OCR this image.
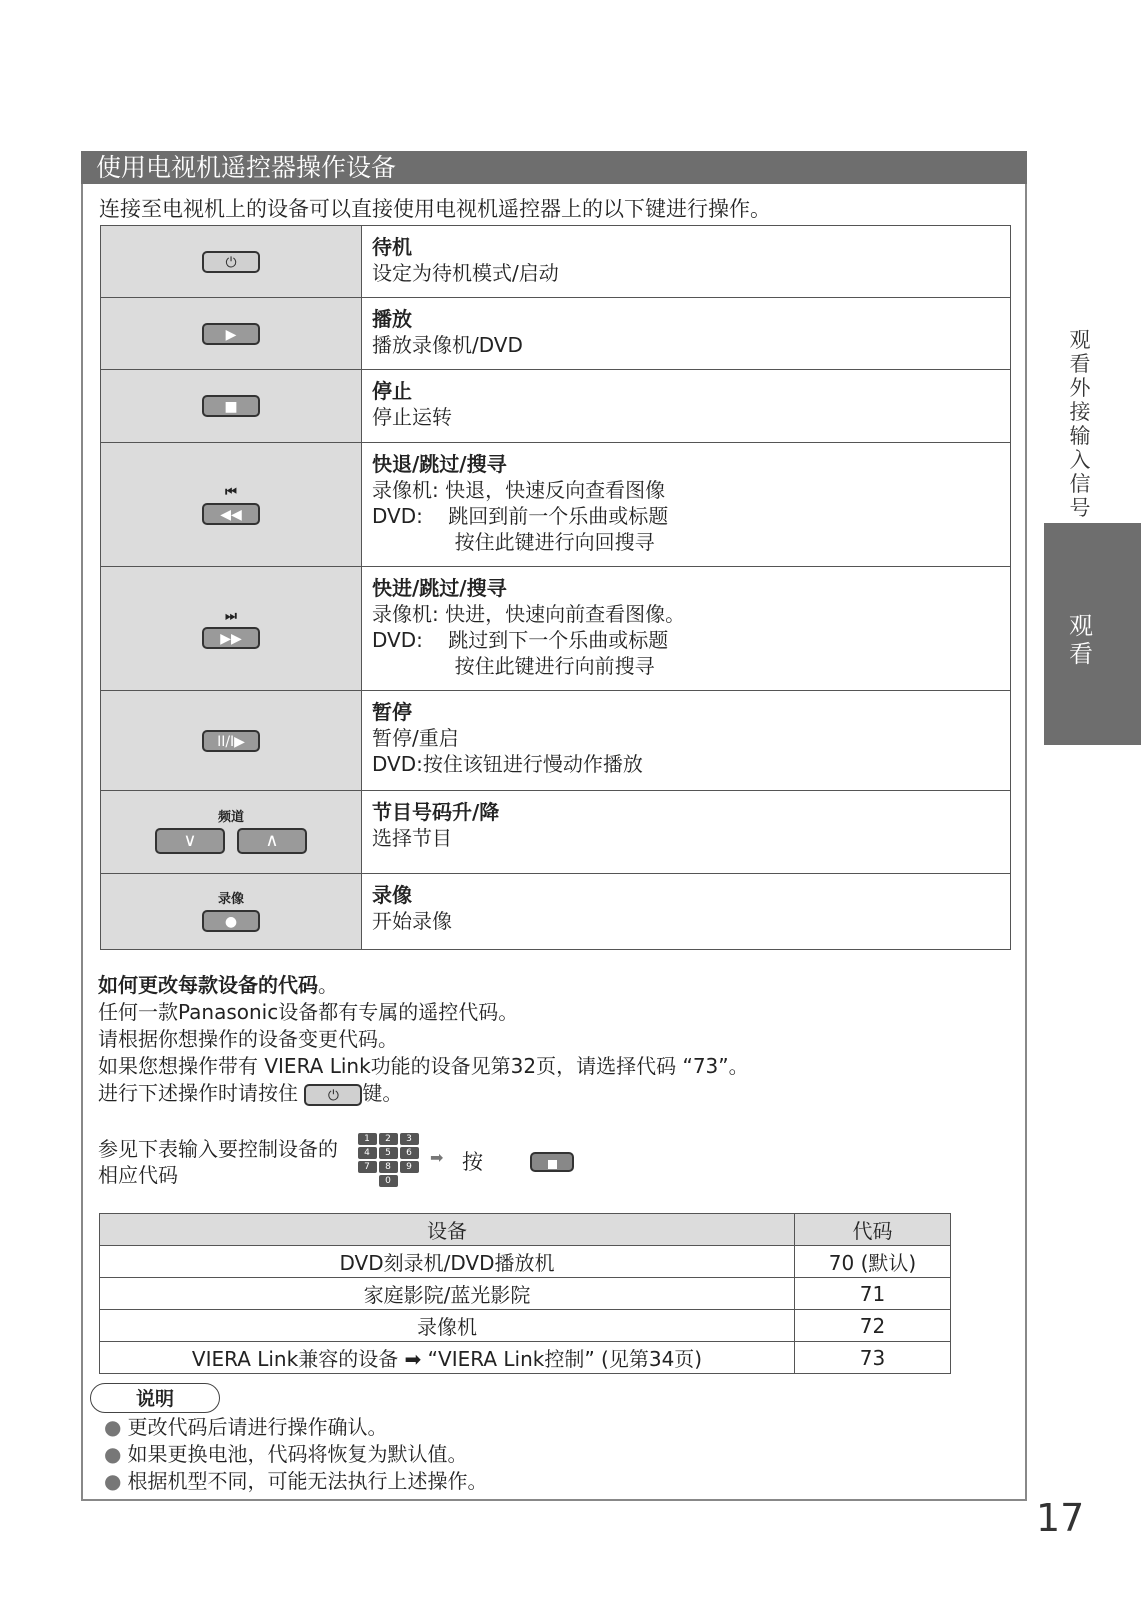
使用电视机遥控器操作设备
连接至电视机上的设备可以直接使用电视机遥控器上的以下键进行操作。
⏻	待机
设定为待机模式/启动

▶	播放
播放录像机/DVD

■	停止
停止运转

⏮
◀◀	快退/跳过/搜寻
录像机: 快退，快速反向查看图像
DVD:    跳回到前一个乐曲或标题
按住此键进行向回搜寻

⏭
▶▶	快进/跳过/搜寻
录像机: 快进，快速向前查看图像。
DVD:    跳过到下一个乐曲或标题
按住此键进行向前搜寻

II/I▶	暂停
暂停/重启
DVD:按住该钮进行慢动作播放

频道
∨ ∧	节目号码升/降
选择节目

录像
●	录像
开始录像
如何更改每款设备的代码。
任何一款Panasonic设备都有专属的遥控代码。
请根据你想操作的设备变更代码。
如果您想操作带有 VIERA Link功能的设备见第32页，请选择代码 “73”。
进行下述操作时请按住 ⏻ 键。
参见下表输入要控制设备的相应代码
1	2	3
4	5	6
7	8	9
0
➡ 按
设备	代码
DVD刻录机/DVD播放机	70 (默认)
家庭影院/蓝光影院	71
录像机	72
VIERA Link兼容的设备 ➡ “VIERA Link控制” (见第34页)	73
说明
● 更改代码后请进行操作确认。
● 如果更换电池，代码将恢复为默认值。
● 根据机型不同，可能无法执行上述操作。
观看外接输入信号
观看
17
